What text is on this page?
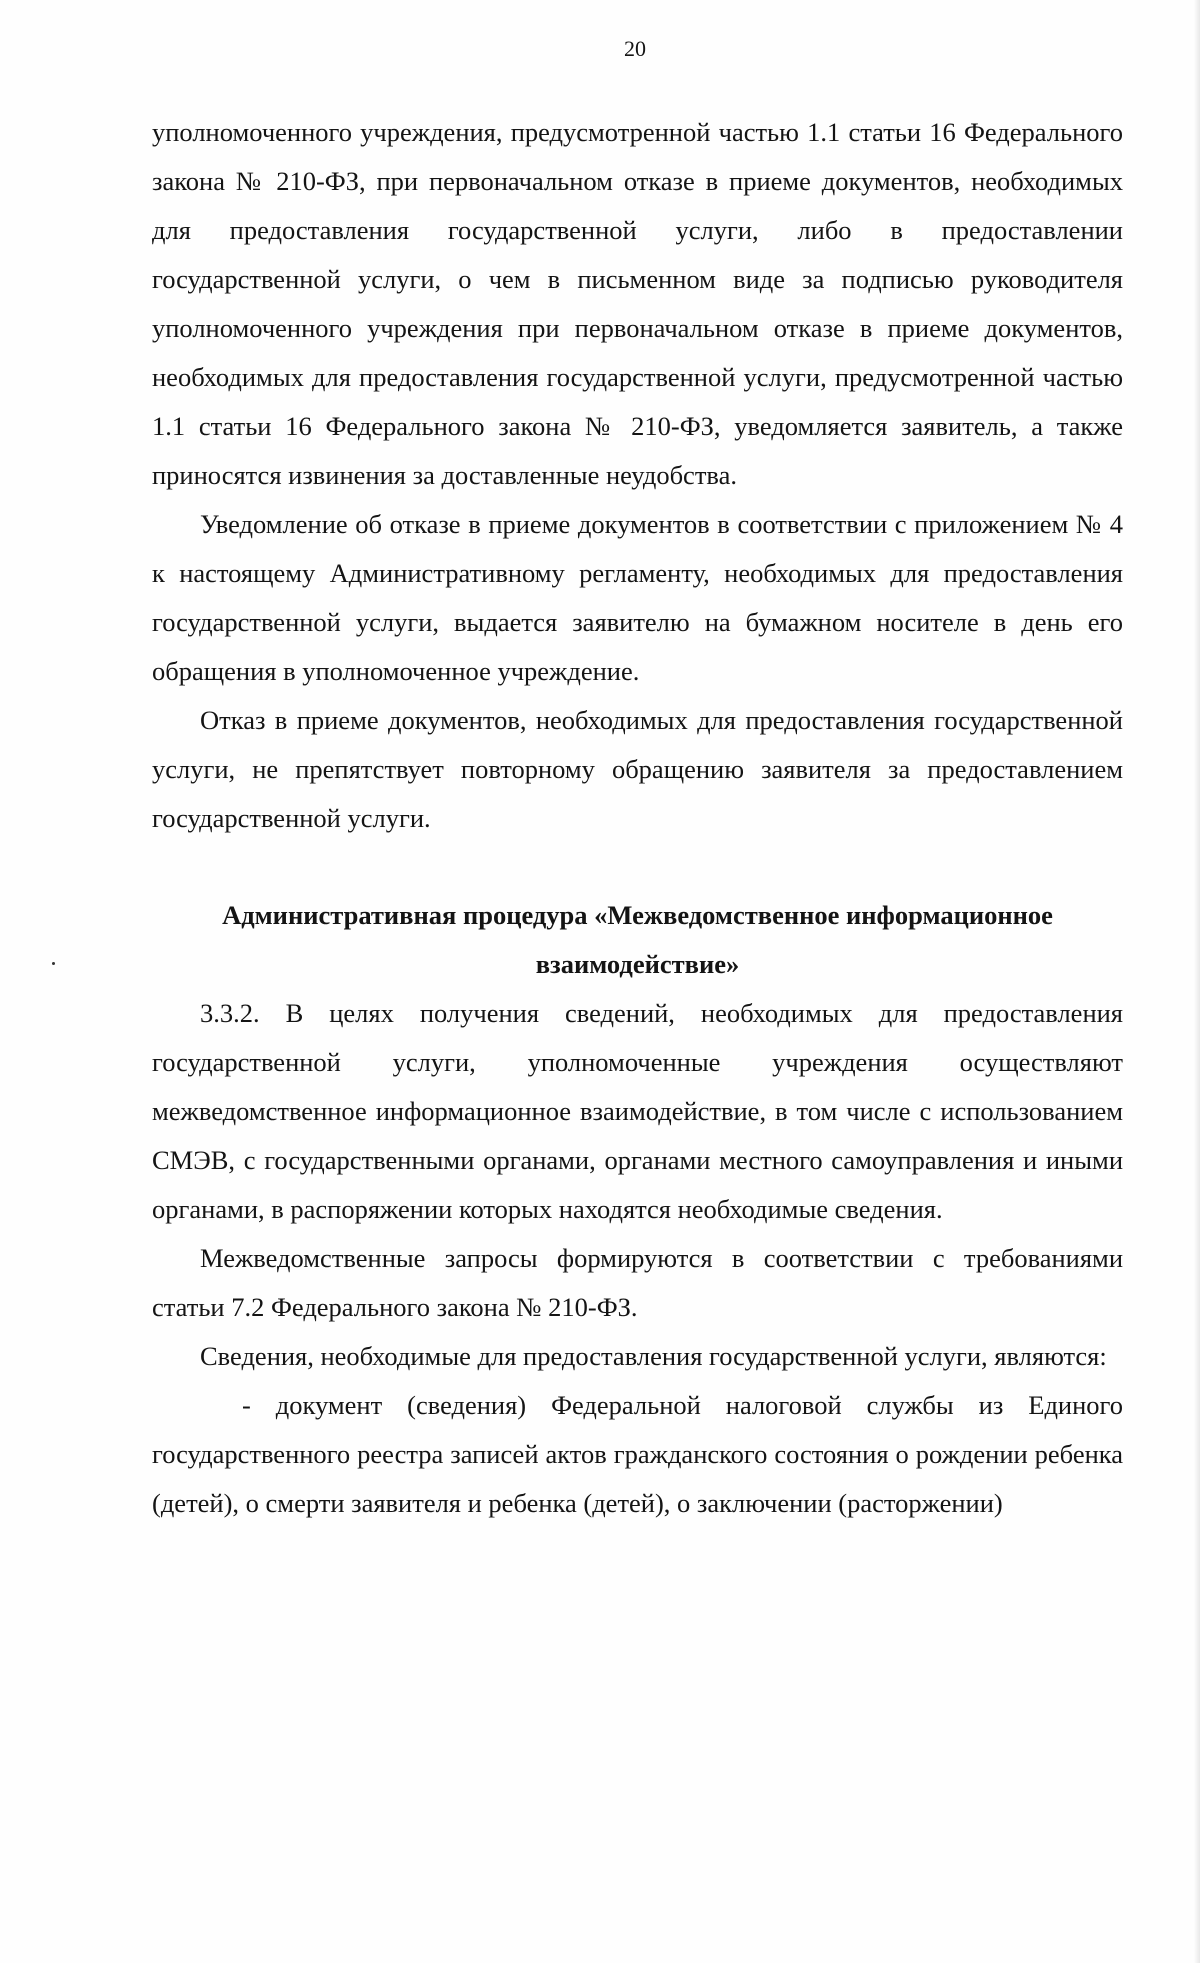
20

уполномоченного учреждения, предусмотренной частью 1.1 статьи 16 Федерального закона № 210-ФЗ, при первоначальном отказе в приеме документов, необходимых для предоставления государственной услуги, либо в предоставлении государственной услуги, о чем в письменном виде за подписью руководителя уполномоченного учреждения при первоначальном отказе в приеме документов, необходимых для предоставления государственной услуги, предусмотренной частью 1.1 статьи 16 Федерального закона № 210-ФЗ, уведомляется заявитель, а также приносятся извинения за доставленные неудобства.

Уведомление об отказе в приеме документов в соответствии с приложением № 4 к настоящему Административному регламенту, необходимых для предоставления государственной услуги, выдается заявителю на бумажном носителе в день его обращения в уполномоченное учреждение.

Отказ в приеме документов, необходимых для предоставления государственной услуги, не препятствует повторному обращению заявителя за предоставлением государственной услуги.

Административная процедура «Межведомственное информационное
взаимодействие»

3.3.2. В целях получения сведений, необходимых для предоставления государственной услуги, уполномоченные учреждения осуществляют межведомственное информационное взаимодействие, в том числе с использованием СМЭВ, с государственными органами, органами местного самоуправления и иными органами, в распоряжении которых находятся необходимые сведения.

Межведомственные запросы формируются в соответствии с требованиями статьи 7.2 Федерального закона № 210-ФЗ.

Сведения, необходимые для предоставления государственной услуги, являются:

- документ (сведения) Федеральной налоговой службы из Единого государственного реестра записей актов гражданского состояния о рождении ребенка (детей), о смерти заявителя и ребенка (детей), о заключении (расторжении)
